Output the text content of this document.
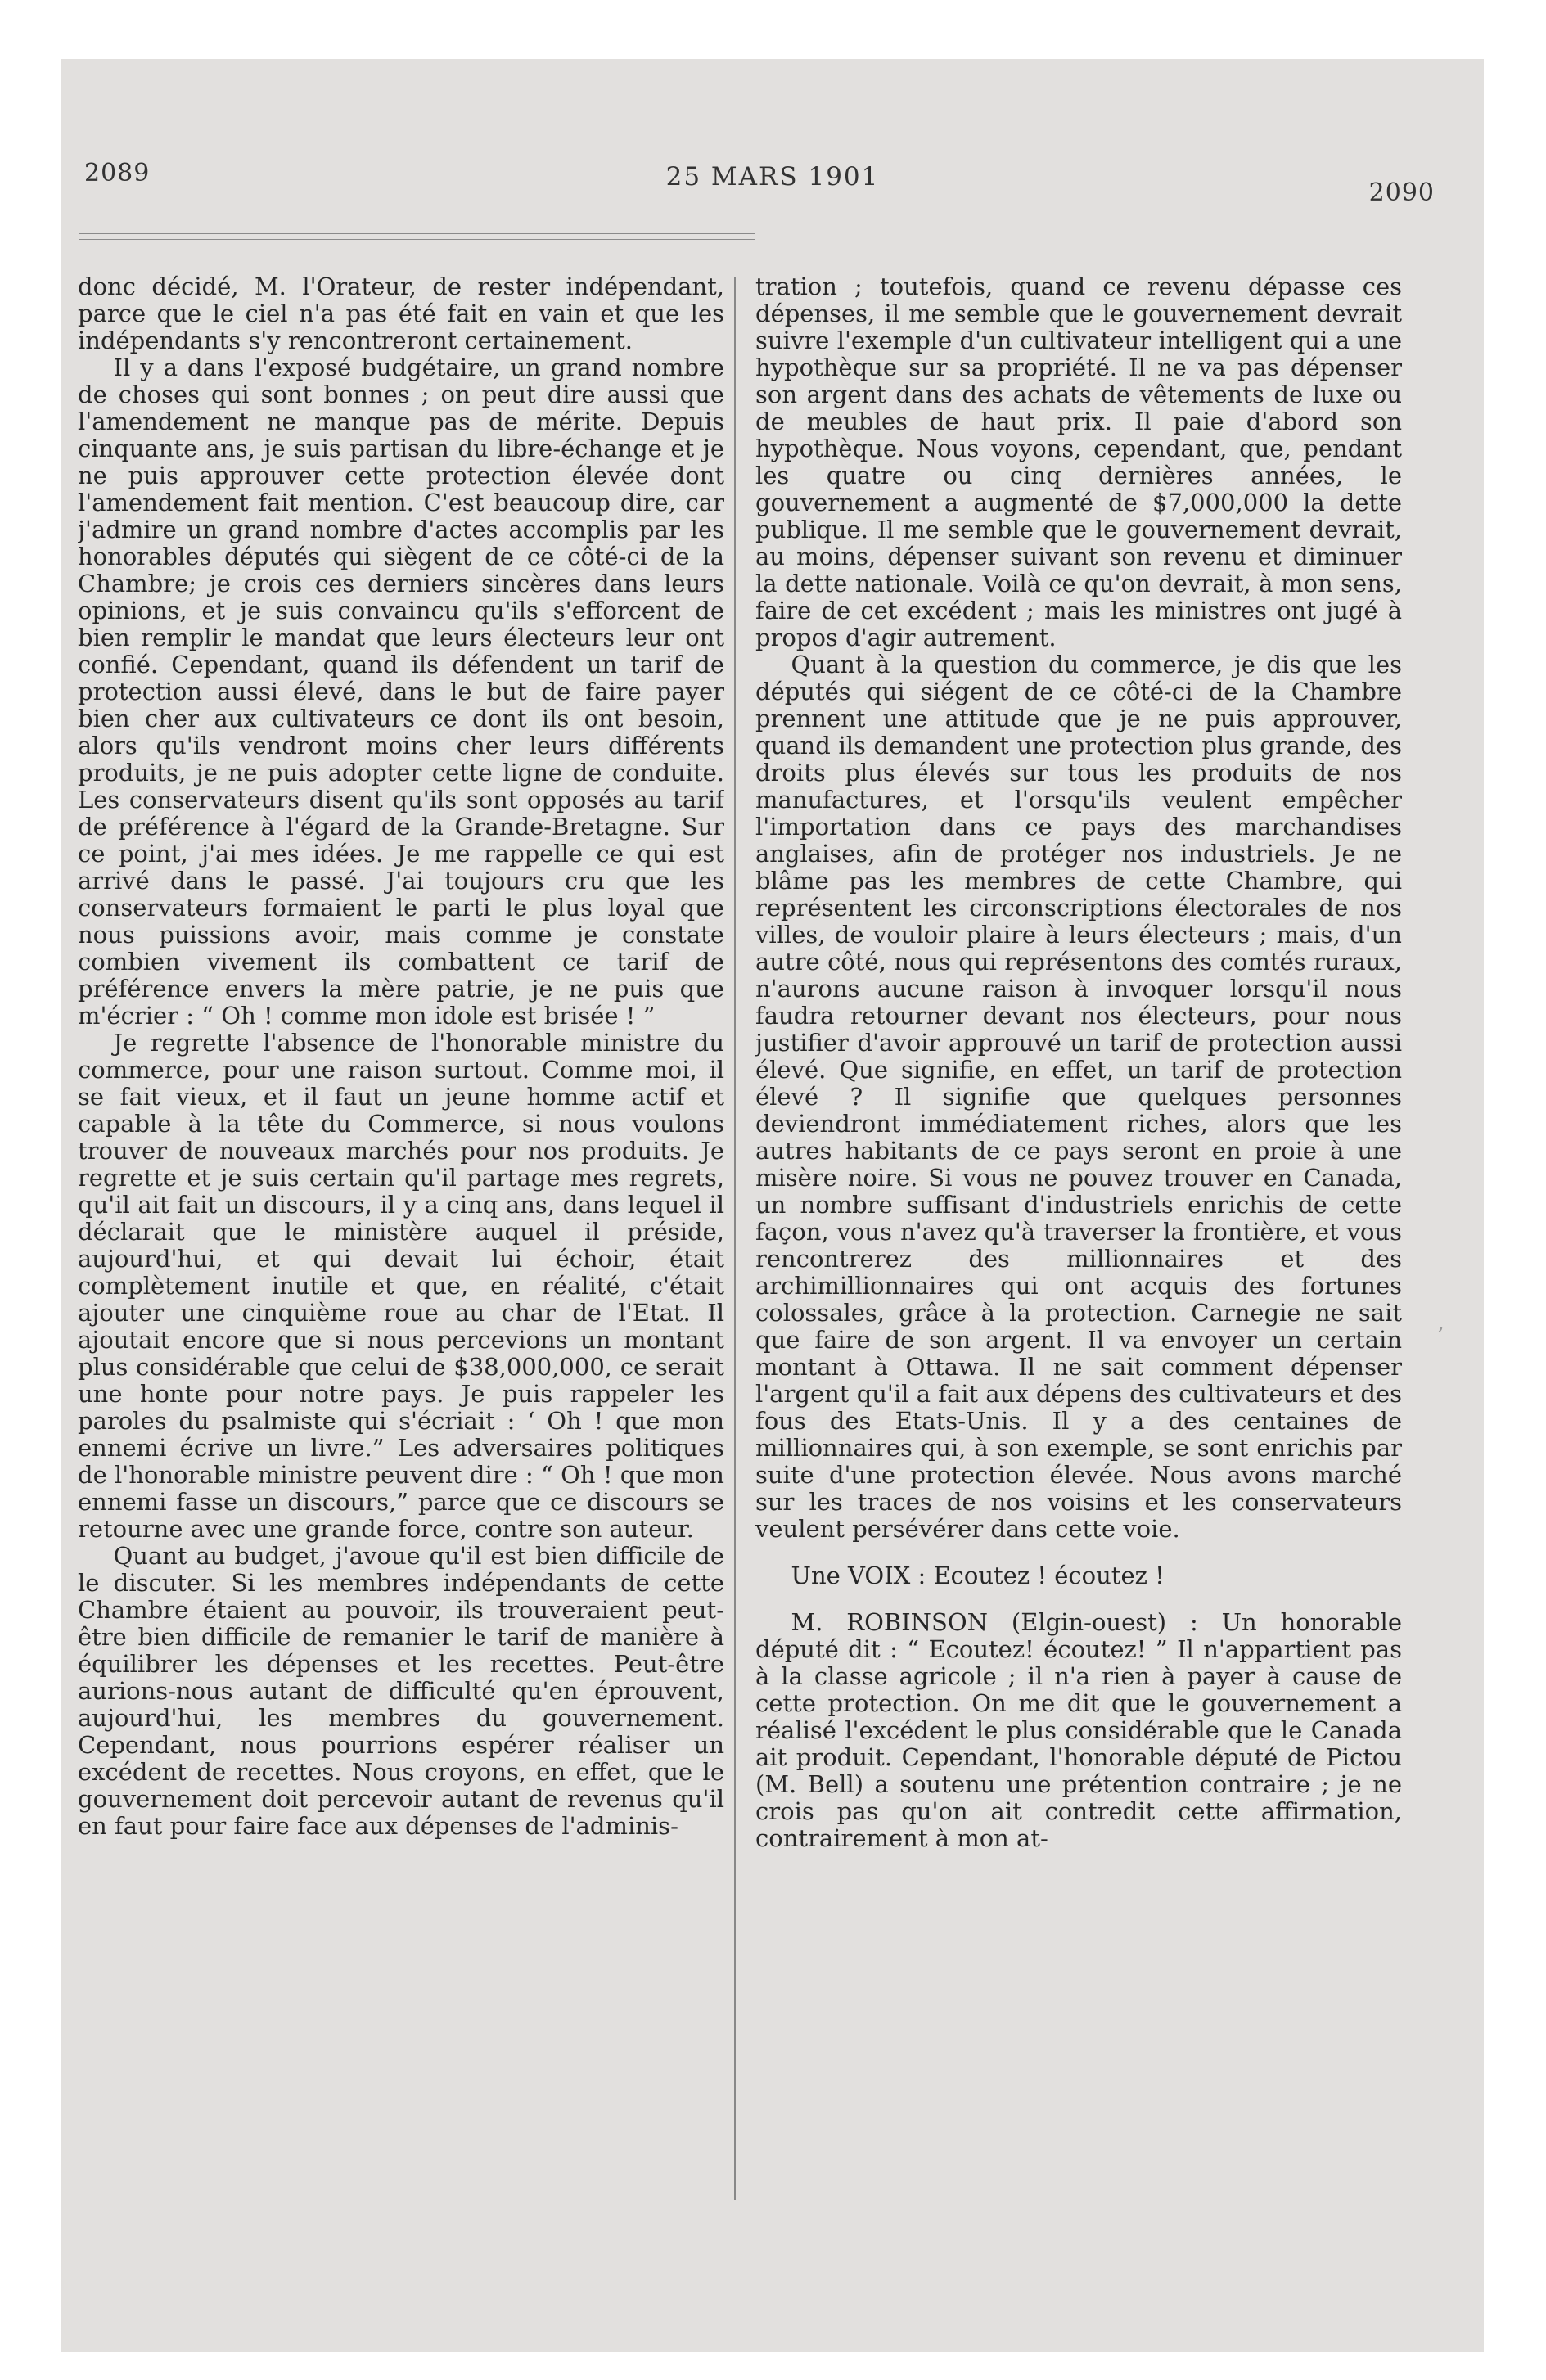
2089	25 MARS 1901
2090

donc décidé, M. l'Orateur, de rester indépendant, parce que le ciel n'a pas été fait en vain et que les indépendants s'y rencontreront certainement.

Il y a dans l'exposé budgétaire, un grand nombre de choses qui sont bonnes ; on peut dire aussi que l'amendement ne manque pas de mérite. Depuis cinquante ans, je suis partisan du libre-échange et je ne puis approuver cette protection élevée dont l'amendement fait mention. C'est beaucoup dire, car j'admire un grand nombre d'actes accomplis par les honorables députés qui siègent de ce côté-ci de la Chambre; je crois ces derniers sincères dans leurs opinions, et je suis convaincu qu'ils s'efforcent de bien remplir le mandat que leurs électeurs leur ont confié. Cependant, quand ils défendent un tarif de protection aussi élevé, dans le but de faire payer bien cher aux cultivateurs ce dont ils ont besoin, alors qu'ils vendront moins cher leurs différents produits, je ne puis adopter cette ligne de conduite. Les conservateurs disent qu'ils sont opposés au tarif de préférence à l'égard de la Grande-Bretagne. Sur ce point, j'ai mes idées. Je me rappelle ce qui est arrivé dans le passé. J'ai toujours cru que les conservateurs formaient le parti le plus loyal que nous puissions avoir, mais comme je constate combien vivement ils combattent ce tarif de préférence envers la mère patrie, je ne puis que m'écrier : “ Oh ! comme mon idole est brisée ! ”

Je regrette l'absence de l'honorable ministre du commerce, pour une raison surtout. Comme moi, il se fait vieux, et il faut un jeune homme actif et capable à la tête du Commerce, si nous voulons trouver de nouveaux marchés pour nos produits. Je regrette et je suis certain qu'il partage mes regrets, qu'il ait fait un discours, il y a cinq ans, dans lequel il déclarait que le ministère auquel il préside, aujourd'hui, et qui devait lui échoir, était complètement inutile et que, en réalité, c'était ajouter une cinquième roue au char de l'Etat. Il ajoutait encore que si nous percevions un montant plus considérable que celui de $38,000,000, ce serait une honte pour notre pays. Je puis rappeler les paroles du psalmiste qui s'écriait : ‘ Oh ! que mon ennemi écrive un livre.” Les adversaires politiques de l'honorable ministre peuvent dire : “ Oh ! que mon ennemi fasse un discours,” parce que ce discours se retourne avec une grande force, contre son auteur.

Quant au budget, j'avoue qu'il est bien difficile de le discuter. Si les membres indépendants de cette Chambre étaient au pouvoir, ils trouveraient peut-être bien difficile de remanier le tarif de manière à équilibrer les dépenses et les recettes. Peut-être aurions-nous autant de difficulté qu'en éprouvent, aujourd'hui, les membres du gouvernement. Cependant, nous pourrions espérer réaliser un excédent de recettes. Nous croyons, en effet, que le gouvernement doit percevoir autant de revenus qu'il en faut pour faire face aux dépenses de l'adminis-

tration ; toutefois, quand ce revenu dépasse ces dépenses, il me semble que le gouvernement devrait suivre l'exemple d'un cultivateur intelligent qui a une hypothèque sur sa propriété. Il ne va pas dépenser son argent dans des achats de vêtements de luxe ou de meubles de haut prix. Il paie d'abord son hypothèque. Nous voyons, cependant, que, pendant les quatre ou cinq dernières années, le gouvernement a augmenté de $7,000,000 la dette publique. Il me semble que le gouvernement devrait, au moins, dépenser suivant son revenu et diminuer la dette nationale. Voilà ce qu'on devrait, à mon sens, faire de cet excédent ; mais les ministres ont jugé à propos d'agir autrement.

Quant à la question du commerce, je dis que les députés qui siégent de ce côté-ci de la Chambre prennent une attitude que je ne puis approuver, quand ils demandent une protection plus grande, des droits plus élevés sur tous les produits de nos manufactures, et l'orsqu'ils veulent empêcher l'importation dans ce pays des marchandises anglaises, afin de protéger nos industriels. Je ne blâme pas les membres de cette Chambre, qui représentent les circonscriptions électorales de nos villes, de vouloir plaire à leurs électeurs ; mais, d'un autre côté, nous qui représentons des comtés ruraux, n'aurons aucune raison à invoquer lorsqu'il nous faudra retourner devant nos électeurs, pour nous justifier d'avoir approuvé un tarif de protection aussi élevé. Que signifie, en effet, un tarif de protection élevé ? Il signifie que quelques personnes deviendront immédiatement riches, alors que les autres habitants de ce pays seront en proie à une misère noire. Si vous ne pouvez trouver en Canada, un nombre suffisant d'industriels enrichis de cette façon, vous n'avez qu'à traverser la frontière, et vous rencontrerez des millionnaires et des archimillionnaires qui ont acquis des fortunes colossales, grâce à la protection. Carnegie ne sait que faire de son argent. Il va envoyer un certain montant à Ottawa. Il ne sait comment dépenser l'argent qu'il a fait aux dépens des cultivateurs et des fous des Etats-Unis. Il y a des centaines de millionnaires qui, à son exemple, se sont enrichis par suite d'une protection élevée. Nous avons marché sur les traces de nos voisins et les conservateurs veulent persévérer dans cette voie.

Une VOIX : Ecoutez ! écoutez !

M. ROBINSON (Elgin-ouest) : Un honorable député dit : “ Ecoutez! écoutez! ” Il n'appartient pas à la classe agricole ; il n'a rien à payer à cause de cette protection. On me dit que le gouvernement a réalisé l'excédent le plus considérable que le Canada ait produit. Cependant, l'honorable député de Pictou (M. Bell) a soutenu une prétention contraire ; je ne crois pas qu'on ait contredit cette affirmation, contrairement à mon at-

,
